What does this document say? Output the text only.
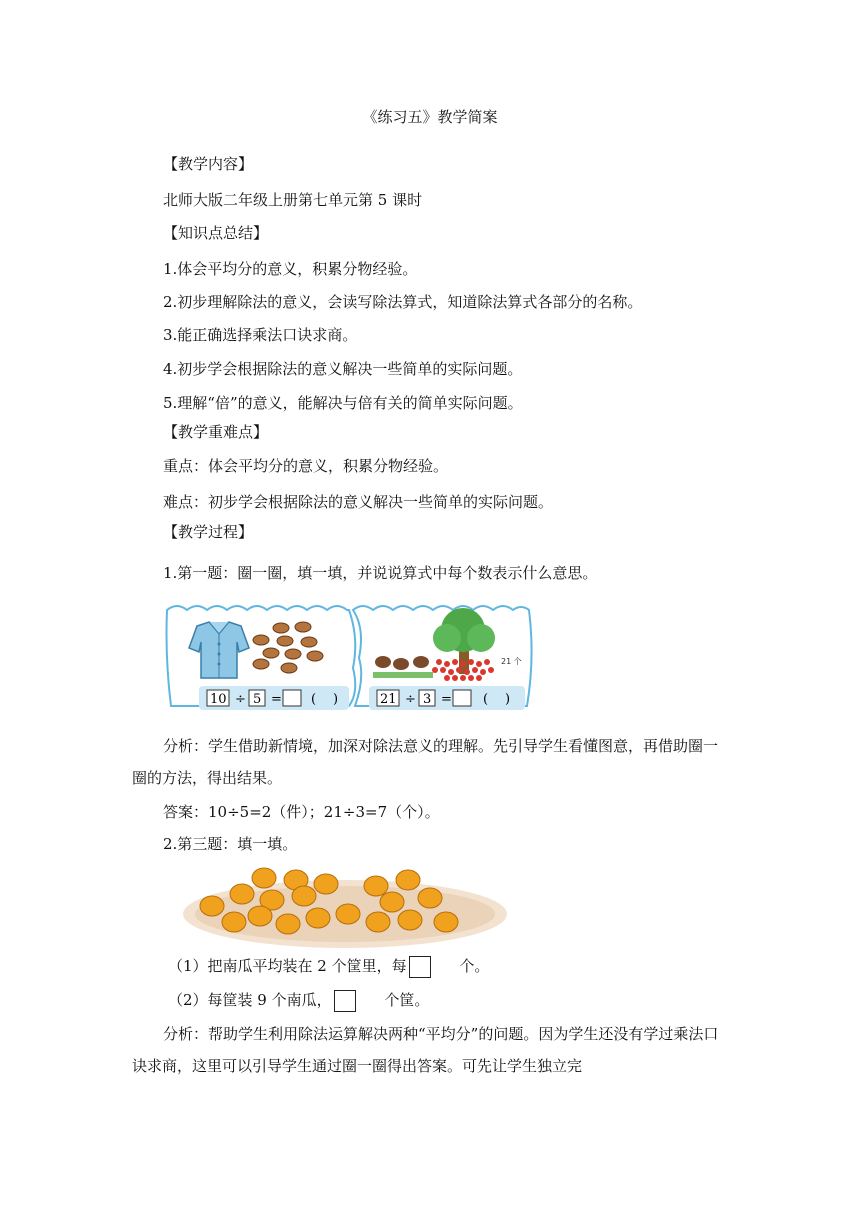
《练习五》教学简案
【教学内容】
北师大版二年级上册第七单元第 5 课时
【知识点总结】
1.体会平均分的意义，积累分物经验。
2.初步理解除法的意义，会读写除法算式，知道除法算式各部分的名称。
3.能正确选择乘法口诀求商。
4.初步学会根据除法的意义解决一些简单的实际问题。
5.理解“倍”的意义，能解决与倍有关的简单实际问题。
【教学重难点】
重点：体会平均分的意义，积累分物经验。
难点：初步学会根据除法的意义解决一些简单的实际问题。
【教学过程】
1.第一题：圈一圈，填一填，并说说算式中每个数表示什么意思。
21 个
10 ÷ 5 = ( )	21 ÷ 3 = ( )
分析：学生借助新情境，加深对除法意义的理解。先引导学生看懂图意，再借助圈一圈的方法，得出结果。
答案：10÷5=2（件）；21÷3=7（个）。
2.第三题：填一填。
（1）把南瓜平均装在 2 个筐里，每	个。
（2）每筐装 9 个南瓜，	个筐。
分析：帮助学生利用除法运算解决两种“平均分”的问题。因为学生还没有学过乘法口诀求商，这里可以引导学生通过圈一圈得出答案。可先让学生独立完
